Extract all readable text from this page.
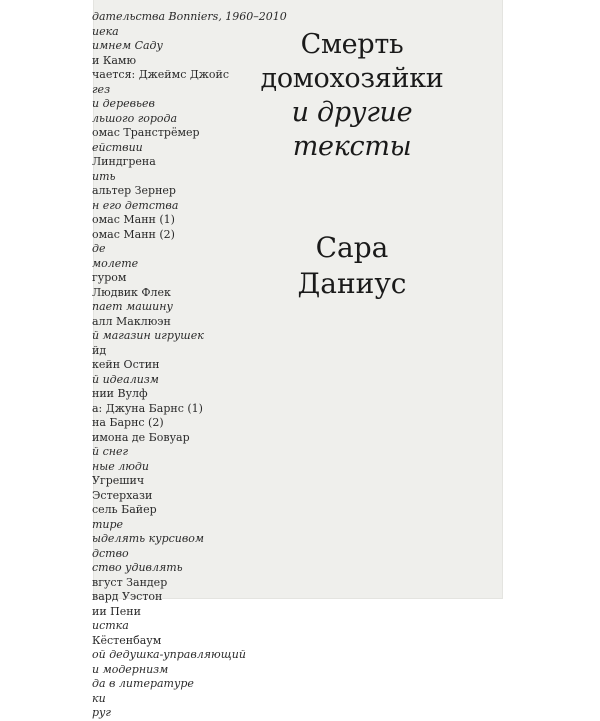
дательства Bonniers, 1960–2010
иека
имнем Саду
и Камю
чается: Джеймс Джойс
гез
и деревьев
льшого города
омас Транстрёмер
ействии
Линдгрена
ить
альтер Зернер
н его детства
омас Манн (1)
омас Манн (2)
де
молете
гуром
Людвик Флек
пает машину
алл Маклюэн
й магазин игрушек
йд
кейн Остин
й идеализм
нии Вулф
а: Джуна Барнс (1)
на Барнс (2)
имона де Бовуар
й снег
ные люди
Угрешич
Эстерхази
сель Байер
тире
ыделять курсивом
дство
ство удивлять
вгуст Зандер
вард Уэстон
ии Пени
истка
Кёстенбаум
ой дедушка-управляющий
и модернизм
да в литературе
ки
руг
Смерть
домохозяйки
и другие
тексты
Сара
Даниус
